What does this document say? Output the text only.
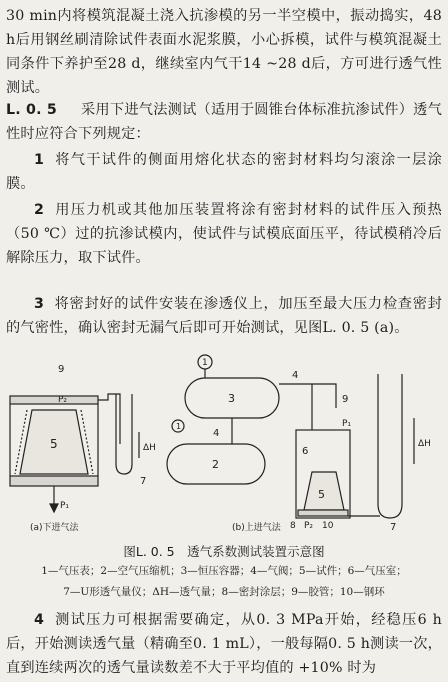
30 min内将模筑混凝土浇入抗渗模的另一半空模中，振动捣实，48 h后用钢丝刷清除试件表面水泥浆膜，小心拆模，试件与模筑混凝土同条件下养护至28 d，继续室内气干14 ~28 d后，方可进行透气性测试。
L. 0. 5 　 采用下进气法测试（适用于圆锥台体标准抗渗试件）透气性时应符合下列规定：
1 将气干试件的侧面用熔化状态的密封材料均匀滚涂一层涂膜。
2 用压力机或其他加压装置将涂有密封材料的试件压入预热（50 ℃）过的抗渗试模内，使试件与试模底面压平，待试模稍冷后解除压力，取下试件。
3 将密封好的试件安装在渗透仪上，加压至最大压力检查密封的气密性，确认密封无漏气后即可开始测试，见图L. 0. 5 (a)。
9
P₂
5
7
ΔH
P₁
(a)下进气法
1
1
3
4
4
2
9
P₁
6
5
8 P₂ 10	7
ΔH
(b)上进气法
图L. 0. 5　透气系数测试装置示意图
1—气压表；2—空气压缩机；3—恒压容器；4—气阀；5—试件；6—气压室；
7—U形透气量仪；ΔH—透气量；8—密封涂层；9—胶管；10—钢环
4 测试压力可根据需要确定，从0. 3 MPa开始，经稳压6 h后，开始测读透气量（精确至0. 1 mL），一般每隔0. 5 h测读一次，直到连续两次的透气量读数差不大于平均值的 +10% 时为
